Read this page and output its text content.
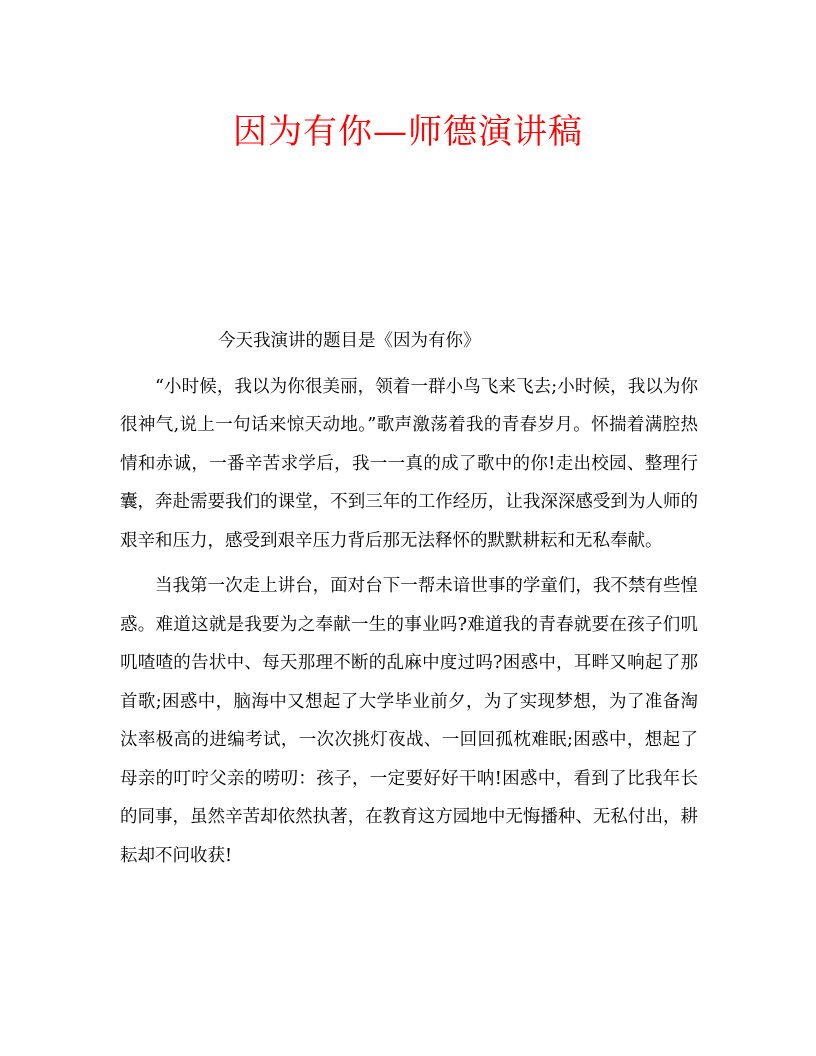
因为有你—师德演讲稿

今天我演讲的题目是《因为有你》

“小时候，我以为你很美丽，领着一群小鸟飞来飞去;小时候，我以为你很神气,说上一句话来惊天动地。”歌声激荡着我的青春岁月。怀揣着满腔热情和赤诚，一番辛苦求学后，我一一真的成了歌中的你!走出校园、整理行囊，奔赴需要我们的课堂，不到三年的工作经历，让我深深感受到为人师的艰辛和压力，感受到艰辛压力背后那无法释怀的默默耕耘和无私奉献。

当我第一次走上讲台，面对台下一帮未谙世事的学童们，我不禁有些惶惑。难道这就是我要为之奉献一生的事业吗?难道我的青春就要在孩子们叽叽喳喳的告状中、每天那理不断的乱麻中度过吗?困惑中，耳畔又响起了那首歌;困惑中，脑海中又想起了大学毕业前夕，为了实现梦想，为了准备淘汰率极高的进编考试，一次次挑灯夜战、一回回孤枕难眠;困惑中，想起了母亲的叮咛父亲的唠叨：孩子，一定要好好干呐!困惑中，看到了比我年长的同事，虽然辛苦却依然执著，在教育这方园地中无悔播种、无私付出，耕耘却不问收获!
